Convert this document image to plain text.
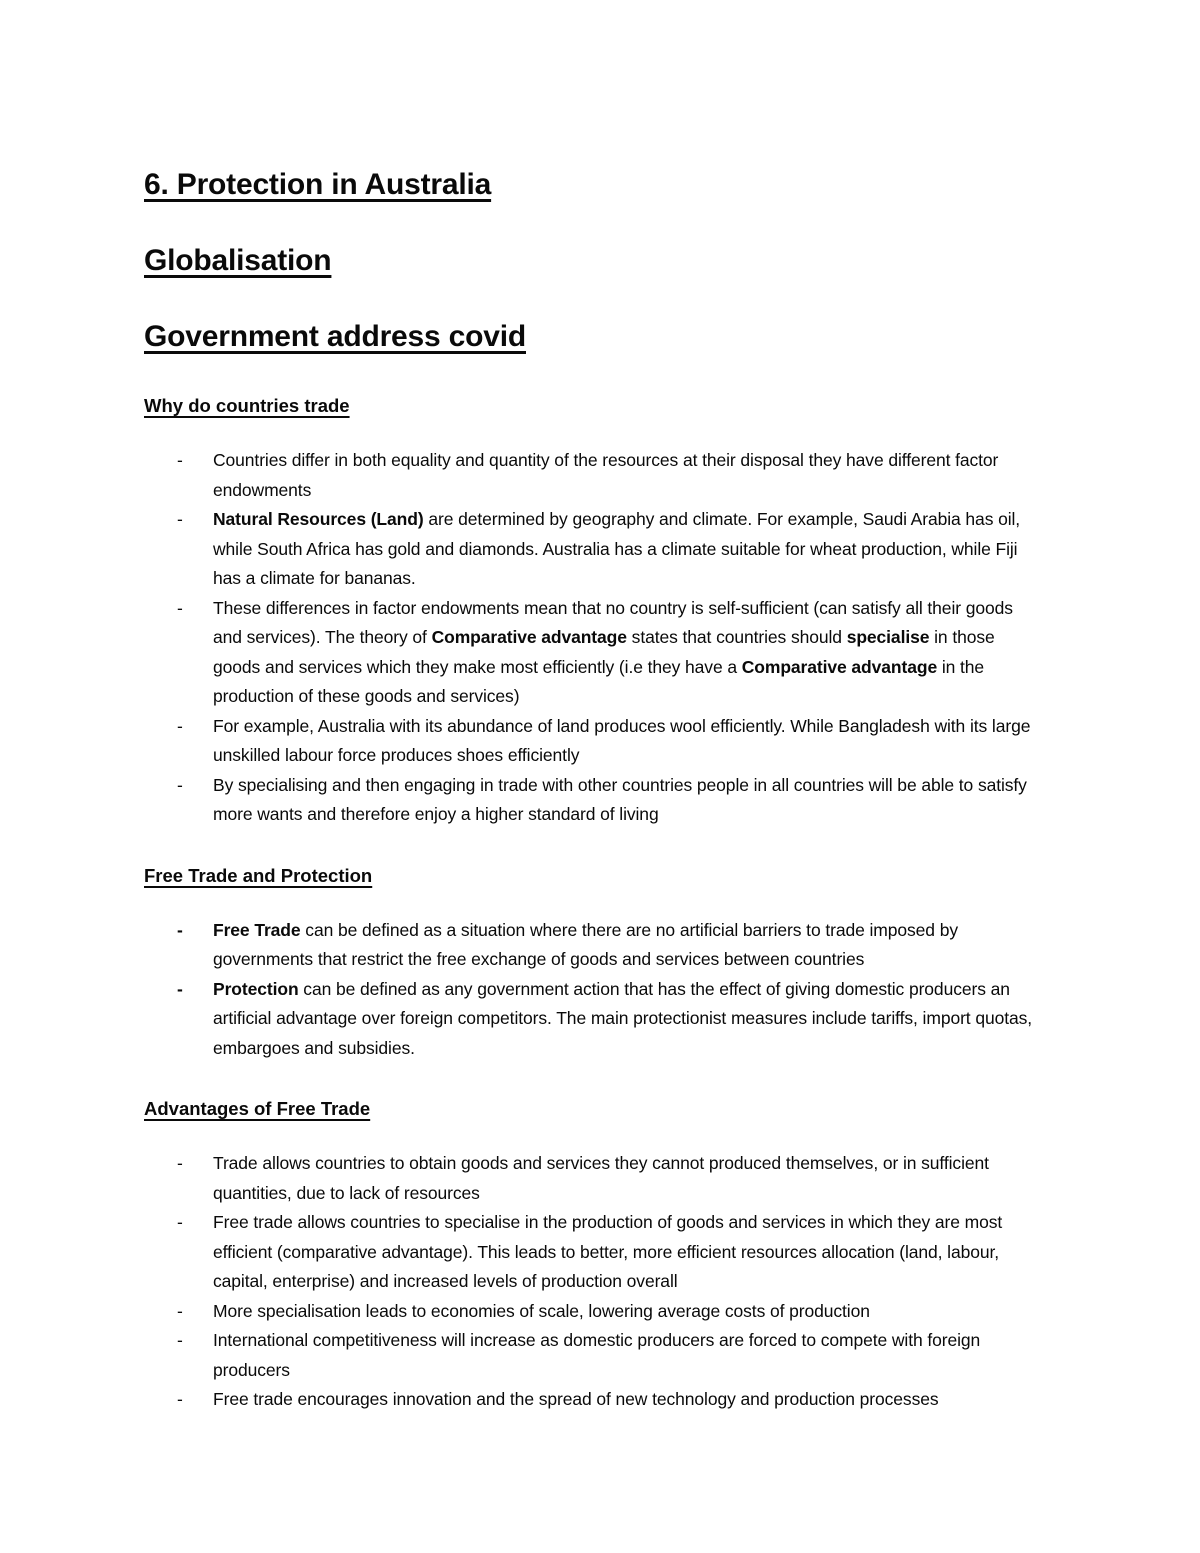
6. Protection in Australia
Globalisation
Government address covid
Why do countries trade
- Countries differ in both equality and quantity of the resources at their disposal they have different factor endowments
- Natural Resources (Land) are determined by geography and climate. For example, Saudi Arabia has oil, while South Africa has gold and diamonds. Australia has a climate suitable for wheat production, while Fiji has a climate for bananas.
- These differences in factor endowments mean that no country is self-sufficient (can satisfy all their goods and services). The theory of Comparative advantage states that countries should specialise in those goods and services which they make most efficiently (i.e they have a Comparative advantage in the production of these goods and services)
- For example, Australia with its abundance of land produces wool efficiently. While Bangladesh with its large unskilled labour force produces shoes efficiently
- By specialising and then engaging in trade with other countries people in all countries will be able to satisfy more wants and therefore enjoy a higher standard of living
Free Trade and Protection
- Free Trade can be defined as a situation where there are no artificial barriers to trade imposed by governments that restrict the free exchange of goods and services between countries
- Protection can be defined as any government action that has the effect of giving domestic producers an artificial advantage over foreign competitors. The main protectionist measures include tariffs, import quotas, embargoes and subsidies.
Advantages of Free Trade
- Trade allows countries to obtain goods and services they cannot produced themselves, or in sufficient quantities, due to lack of resources
- Free trade allows countries to specialise in the production of goods and services in which they are most efficient (comparative advantage). This leads to better, more efficient resources allocation (land, labour, capital, enterprise) and increased levels of production overall
- More specialisation leads to economies of scale, lowering average costs of production
- International competitiveness will increase as domestic producers are forced to compete with foreign producers
- Free trade encourages innovation and the spread of new technology and production processes
